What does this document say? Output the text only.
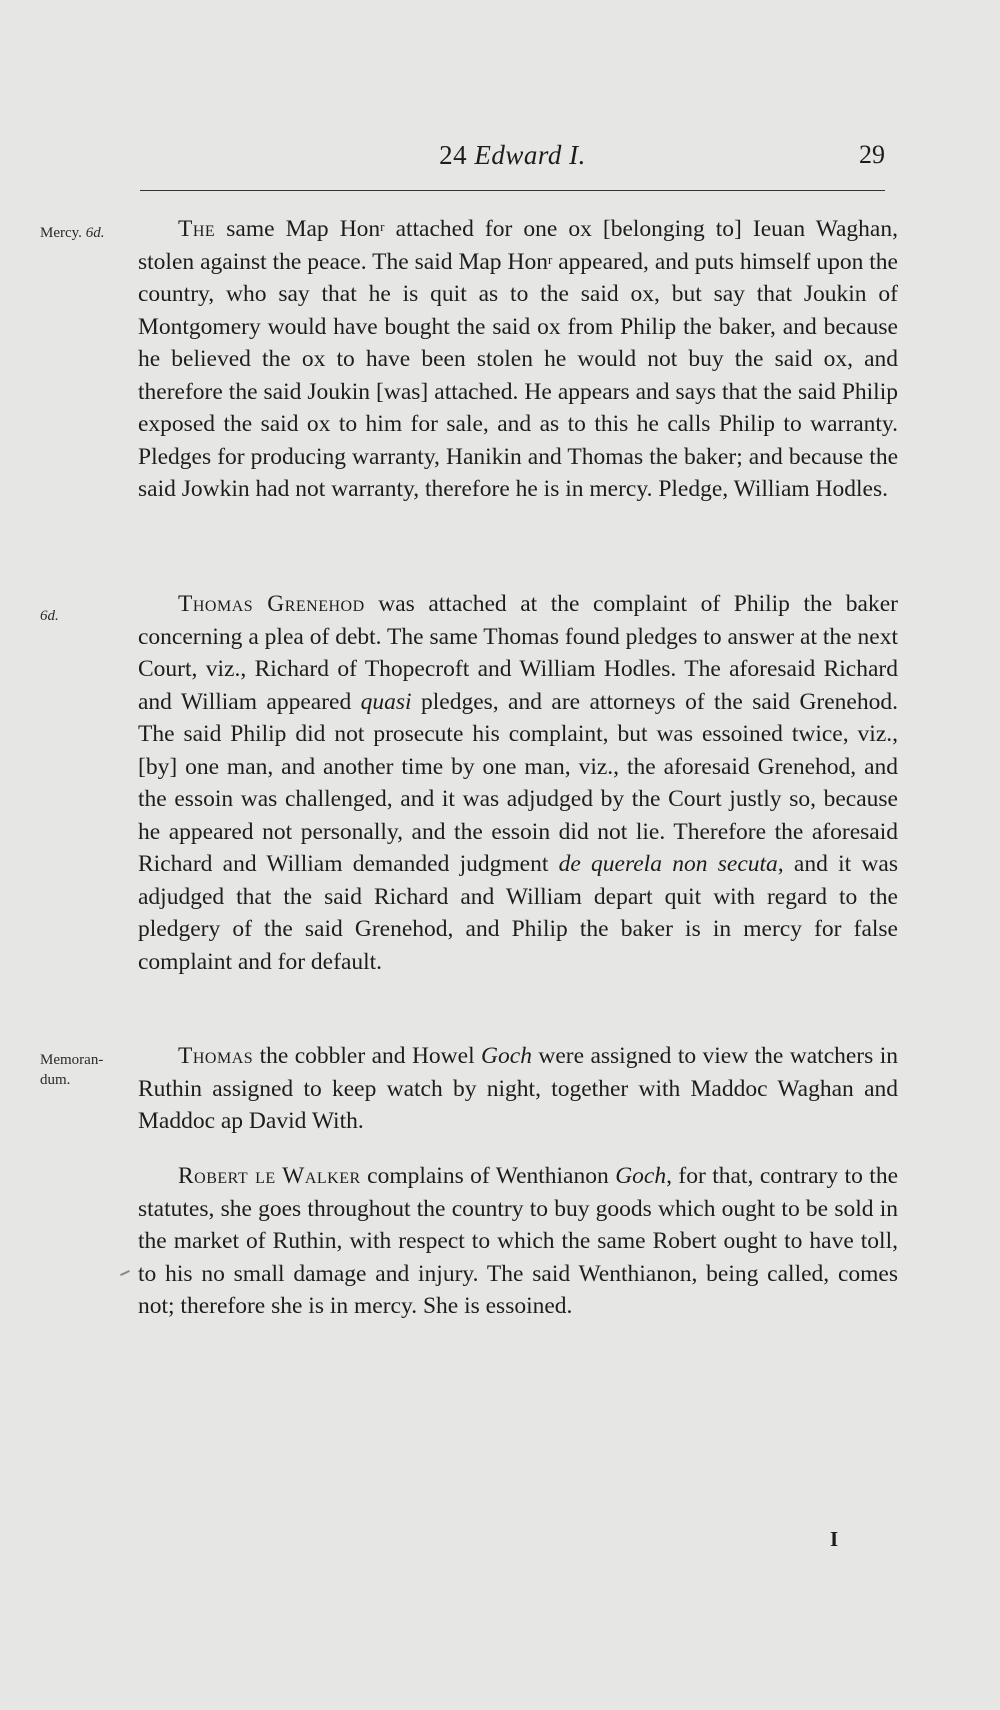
24 Edward I.	29
Mercy. 6d.	The same Map Hon$^r$ attached for one ox [belonging to] Ieuan Waghan, stolen against the peace. The said Map Hon$^r$ appeared, and puts himself upon the country, who say that he is quit as to the said ox, but say that Joukin of Montgomery would have bought the said ox from Philip the baker, and because he believed the ox to have been stolen he would not buy the said ox, and therefore the said Joukin [was] attached. He appears and says that the said Philip exposed the said ox to him for sale, and as to this he calls Philip to warranty. Pledges for producing warranty, Hanikin and Thomas the baker; and because the said Jowkin had not warranty, therefore he is in mercy. Pledge, William Hodles.

6d.	Thomas Grenehod was attached at the complaint of Philip the baker concerning a plea of debt. The same Thomas found pledges to answer at the next Court, viz., Richard of Thopecroft and William Hodles. The aforesaid Richard and William appeared quasi pledges, and are attorneys of the said Grenehod. The said Philip did not prosecute his complaint, but was essoined twice, viz., [by] one man, and another time by one man, viz., the aforesaid Grenehod, and the essoin was challenged, and it was adjudged by the Court justly so, because he appeared not personally, and the essoin did not lie. Therefore the aforesaid Richard and William demanded judgment de querela non secuta, and it was adjudged that the said Richard and William depart quit with regard to the pledgery of the said Grenehod, and Philip the baker is in mercy for false complaint and for default.

Memoran-
dum.

Thomas the cobbler and Howel Goch were assigned to view the watchers in Ruthin assigned to keep watch by night, together with Maddoc Waghan and Maddoc ap David With.

Robert le Walker complains of Wenthianon Goch, for that, contrary to the statutes, she goes throughout the country to buy goods which ought to be sold in the market of Ruthin, with respect to which the same Robert ought to have toll, to his no small damage and injury. The said Wenthianon, being called, comes not; therefore she is in mercy. She is essoined.

I
